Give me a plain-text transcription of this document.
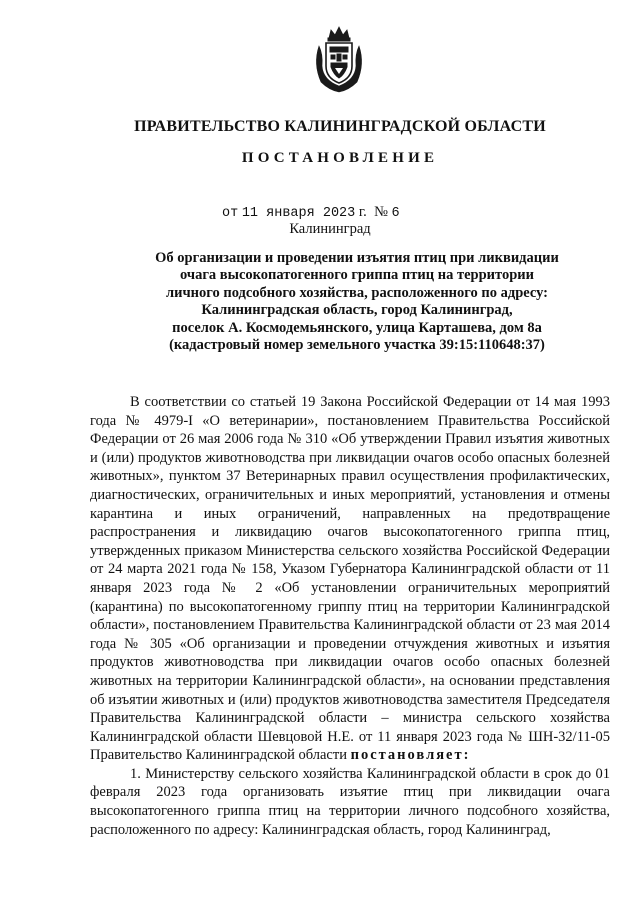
ПРАВИТЕЛЬСТВО КАЛИНИНГРАДСКОЙ ОБЛАСТИ
ПОСТАНОВЛЕНИЕ
от 11 января 2023 г. № 6
Калининград
Об организации и проведении изъятия птиц при ликвидации
очага высокопатогенного гриппа птиц на территории
личного подсобного хозяйства, расположенного по адресу:
Калининградская область, город Калининград,
поселок А. Космодемьянского, улица Карташева, дом 8а
(кадастровый номер земельного участка 39:15:110648:37)

В соответствии со статьей 19 Закона Российской Федерации от 14 мая 1993 года № 4979-I «О ветеринарии», постановлением Правительства Российской Федерации от 26 мая 2006 года № 310 «Об утверждении Правил изъятия животных и (или) продуктов животноводства при ликвидации очагов особо опасных болезней животных», пунктом 37 Ветеринарных правил осуществления профилактических, диагностических, ограничительных и иных мероприятий, установления и отмены карантина и иных ограничений, направленных на предотвращение распространения и ликвидацию очагов высокопатогенного гриппа птиц, утвержденных приказом Министерства сельского хозяйства Российской Федерации от 24 марта 2021 года № 158, Указом Губернатора Калининградской области от 11 января 2023 года № 2 «Об установлении ограничительных мероприятий (карантина) по высокопатогенному гриппу птиц на территории Калининградской области», постановлением Правительства Калининградской области от 23 мая 2014 года № 305 «Об организации и проведении отчуждения животных и изъятия продуктов животноводства при ликвидации очагов особо опасных болезней животных на территории Калининградской области», на основании представления об изъятии животных и (или) продуктов животноводства заместителя Председателя Правительства Калининградской области – министра сельского хозяйства Калининградской области Шевцовой Н.Е. от 11 января 2023 года № ШН-32/11-05 Правительство Калининградской области постановляет:

1. Министерству сельского хозяйства Калининградской области в срок до 01 февраля 2023 года организовать изъятие птиц при ликвидации очага высокопатогенного гриппа птиц на территории личного подсобного хозяйства, расположенного по адресу: Калининградская область, город Калининград,
